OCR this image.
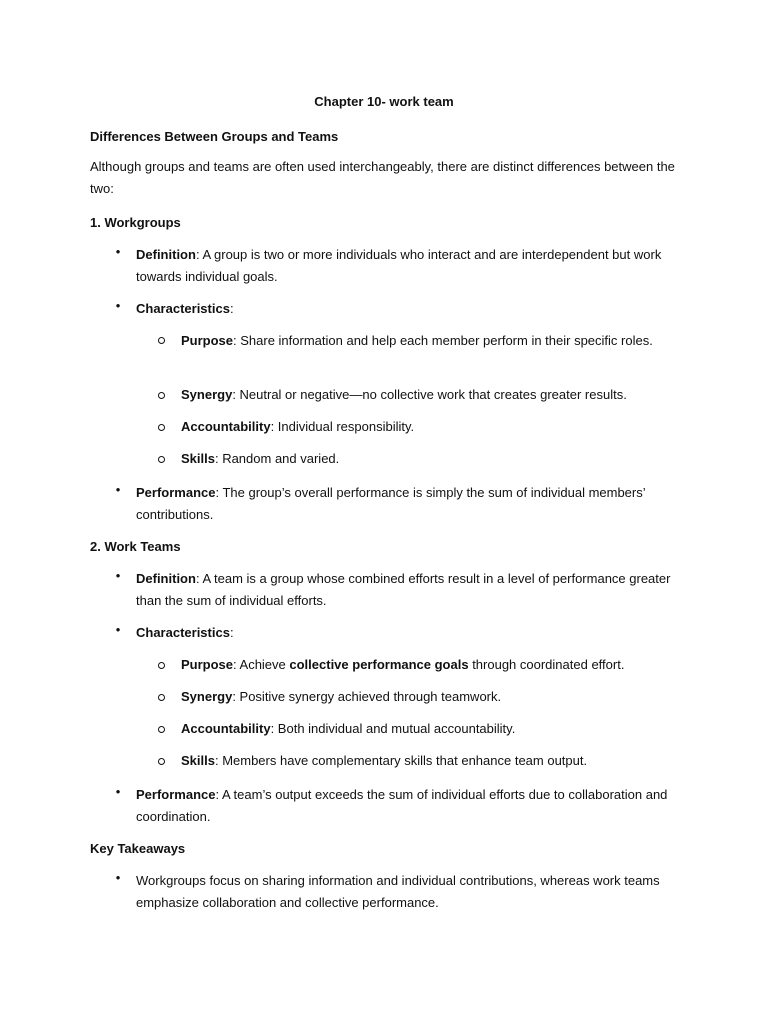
Chapter 10- work team
Differences Between Groups and Teams
Although groups and teams are often used interchangeably, there are distinct differences between the two:
1. Workgroups
• Definition: A group is two or more individuals who interact and are interdependent but work towards individual goals.
• Characteristics:
Purpose: Share information and help each member perform in their specific roles.
Synergy: Neutral or negative—no collective work that creates greater results.
Accountability: Individual responsibility.
Skills: Random and varied.
• Performance: The group’s overall performance is simply the sum of individual members’ contributions.
2. Work Teams
• Definition: A team is a group whose combined efforts result in a level of performance greater than the sum of individual efforts.
• Characteristics:
Purpose: Achieve collective performance goals through coordinated effort.
Synergy: Positive synergy achieved through teamwork.
Accountability: Both individual and mutual accountability.
Skills: Members have complementary skills that enhance team output.
• Performance: A team’s output exceeds the sum of individual efforts due to collaboration and coordination.
Key Takeaways
• Workgroups focus on sharing information and individual contributions, whereas work teams emphasize collaboration and collective performance.
